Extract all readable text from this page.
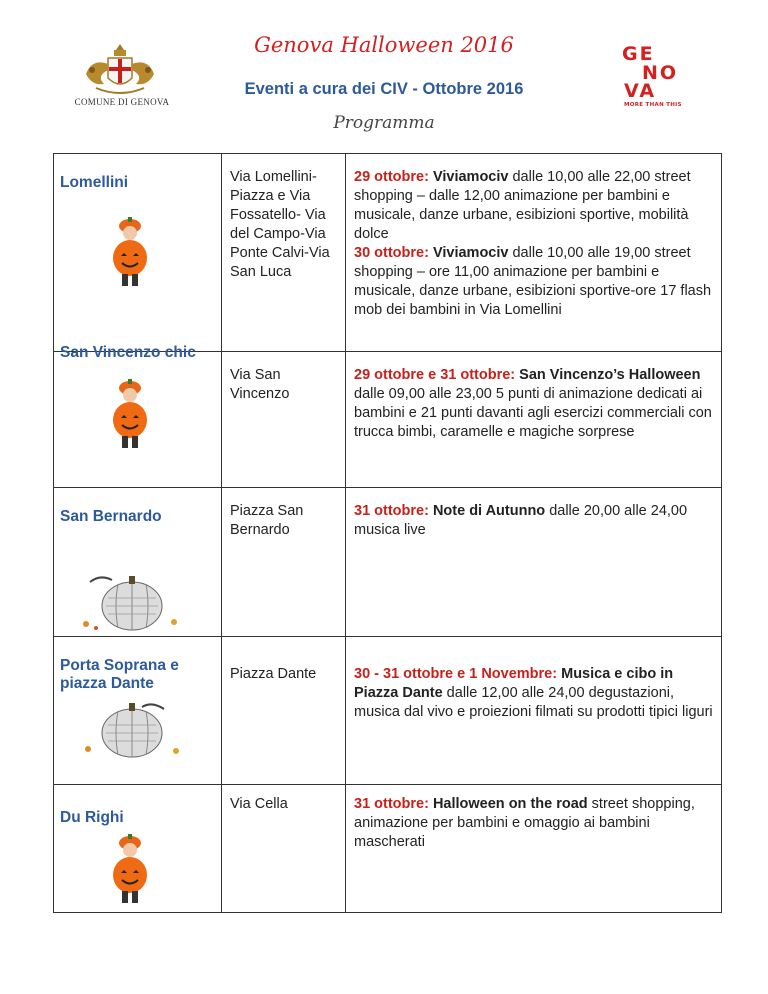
COMUNE DI GENOVA
Genova Halloween 2016
Eventi a cura dei CIV - Ottobre 2016
Programma
GE
NO
VA
MORE THAN THIS
Lomellini	Via Lomellini-Piazza e Via Fossatello- Via del Campo-Via Ponte Calvi-Via San Luca	29 ottobre: Viviamociv dalle 10,00 alle 22,00 street shopping – dalle 12,00 animazione per bambini e musicale, danze urbane, esibizioni sportive, mobilità dolce
30 ottobre: Viviamociv dalle 10,00 alle 19,00 street shopping – ore 11,00 animazione per bambini e musicale, danze urbane, esibizioni sportive-ore 17 flash mob dei bambini in Via Lomellini

San Vincenzo chic	Via San Vincenzo	29 ottobre e 31 ottobre: San Vincenzo’s Halloween dalle 09,00 alle 23,00 5 punti di animazione dedicati ai bambini e 21 punti davanti agli esercizi commerciali con trucca bimbi, caramelle e magiche sorprese

San Bernardo	Piazza San Bernardo	31 ottobre: Note di Autunno dalle 20,00 alle 24,00 musica live

Porta Soprana e piazza Dante	Piazza Dante	30 - 31 ottobre e 1 Novembre: Musica e cibo in Piazza Dante dalle 12,00 alle 24,00 degustazioni, musica dal vivo e proiezioni filmati su prodotti tipici liguri

Du Righi	Via Cella	31 ottobre: Halloween on the road street shopping, animazione per bambini e omaggio ai bambini mascherati
